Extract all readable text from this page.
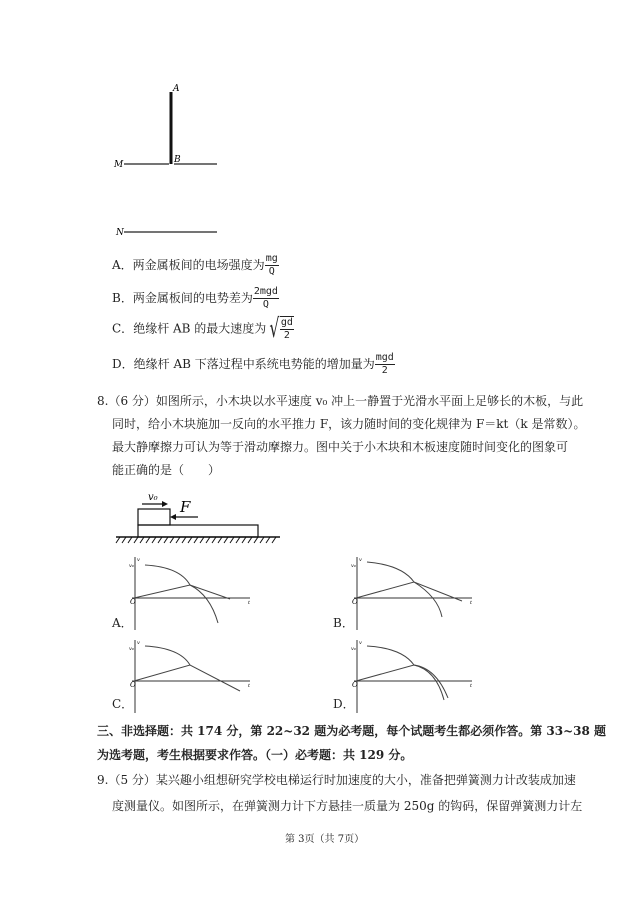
A
B
M
N
A．两金属板间的电场强度为 $\frac{mg}{Q}$
B．两金属板间的电势差为 $\frac{\text{2mgd}}{Q}$
C．绝缘杆 AB 的最大速度为 √ $\frac{gd}{2}$
D．绝缘杆 AB 下落过程中系统电势能的增加量为 $\frac{\text{mgd}}{2}$
8.（6 分）如图所示，小木块以水平速度 v₀ 冲上一静置于光滑水平面上足够长的木板，与此
同时，给小木块施加一反向的水平推力 F，该力随时间的变化规律为 F＝kt（k 是常数）。
最大静摩擦力可认为等于滑动摩擦力。图中关于小木块和木板速度随时间变化的图象可
能正确的是（　　）
v₀
F
v
t
O
v₀
v
t
O
v₀
v
t
O
v₀
v
t
O
v₀
A．	B．
C．	D．
三、非选择题：共 174 分，第 22~32 题为必考题，每个试题考生都必须作答。第 33~38 题
为选考题，考生根据要求作答。（一）必考题：共 129 分。
9.（5 分）某兴趣小组想研究学校电梯运行时加速度的大小，准备把弹簧测力计改装成加速
度测量仪。如图所示，在弹簧测力计下方悬挂一质量为 250g 的钩码，保留弹簧测力计左
第 3页（共 7页）
